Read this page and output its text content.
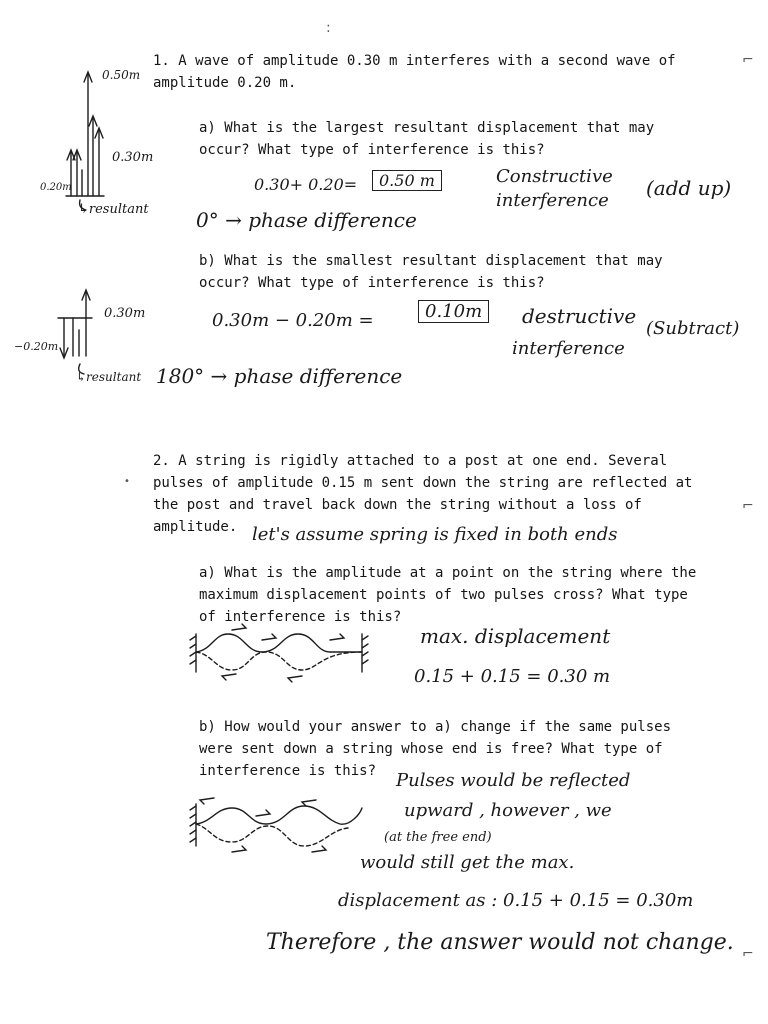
:
⌐
⌐
⌐
•
1. A wave of amplitude 0.30 m interferes with a second wave of
amplitude 0.20 m.
a) What is the largest resultant displacement that may
occur? What type of interference is this?
0.50m
0.30m
0.20m
↳resultant
0.30+ 0.20=	0.50 m	Constructive
interference
(add up)
0° → phase difference
b) What is the smallest resultant displacement that may
occur? What type of interference is this?
0.30m
−0.20m
↳resultant
0.30m − 0.20m =	0.10m	destructive
interference
(Subtract)
180° → phase difference
2. A string is rigidly attached to a post at one end. Several
pulses of amplitude 0.15 m sent down the string are reflected at
the post and travel back down the string without a loss of
amplitude. let's assume spring is fixed in both ends
a) What is the amplitude at a point on the string where the
maximum displacement points of two pulses cross? What type
of interference is this?
max. displacement
0.15 + 0.15 = 0.30 m
b) How would your answer to a) change if the same pulses
were sent down a string whose end is free? What type of
interference is this? Pulses would be reflected
upward , however , we
(at the free end)
would still get the max.
displacement as : 0.15 + 0.15 = 0.30m
Therefore , the answer would not change.
